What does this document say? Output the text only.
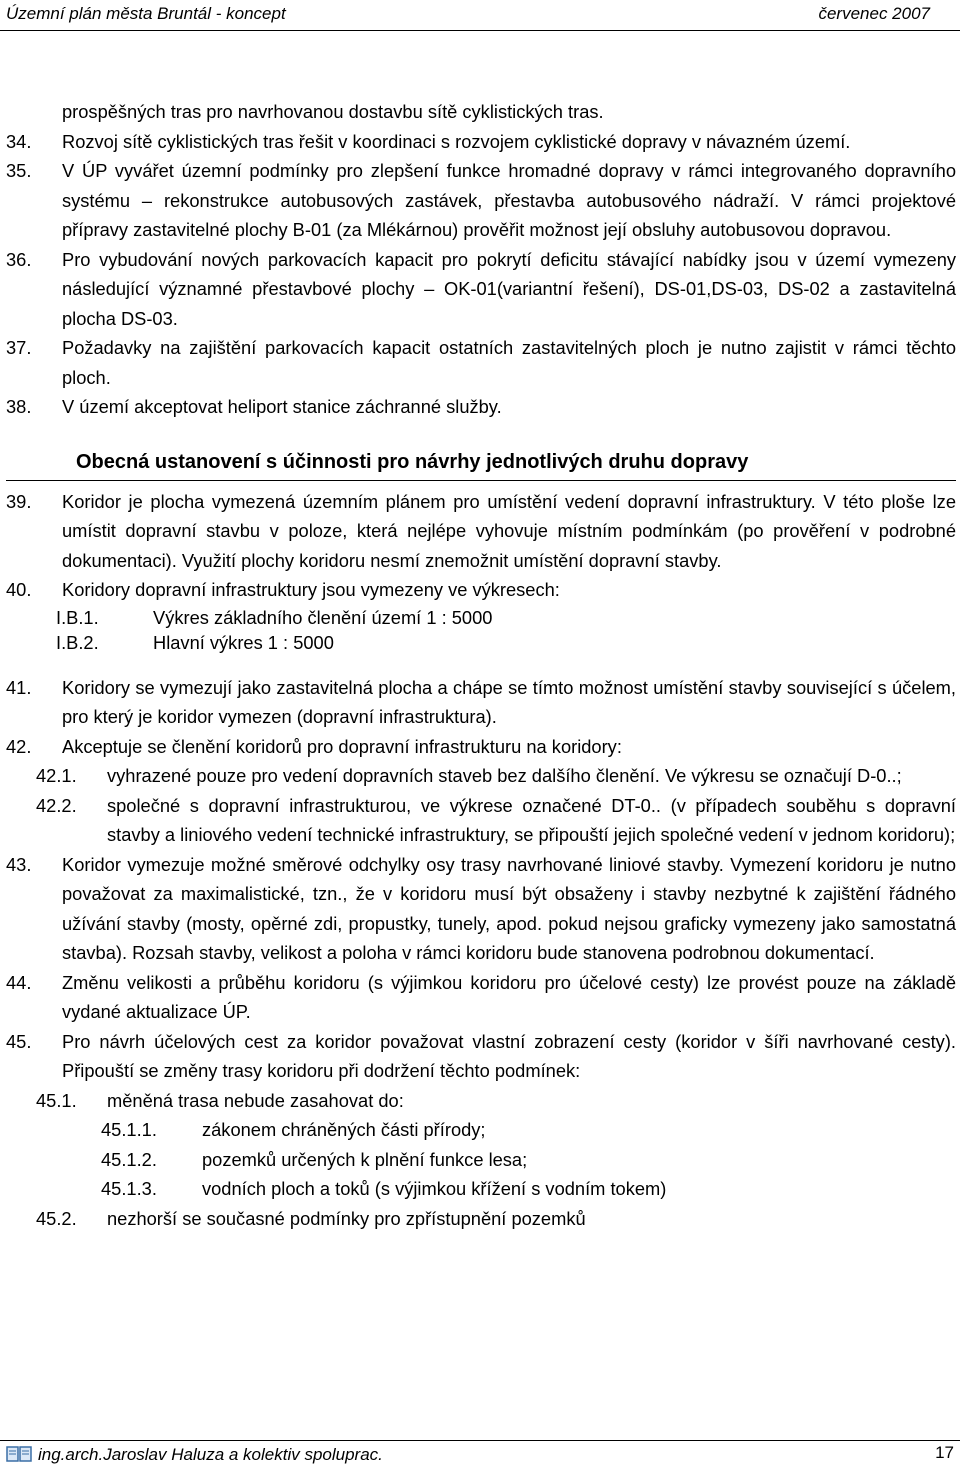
Územní plán města Bruntál - koncept	červenec 2007
prospěšných tras pro navrhovanou dostavbu sítě cyklistických tras.
34.	Rozvoj sítě cyklistických tras řešit v koordinaci s rozvojem cyklistické dopravy v návazném území.
35.	V ÚP vyvářet územní podmínky pro zlepšení funkce hromadné dopravy v rámci integrovaného dopravního systému – rekonstrukce autobusových zastávek, přestavba autobusového nádraží. V rámci projektové přípravy zastavitelné plochy B-01 (za Mlékárnou) prověřit možnost její obsluhy autobusovou dopravou.
36.	Pro vybudování nových parkovacích kapacit pro pokrytí deficitu stávající nabídky jsou v území vymezeny následující významné přestavbové plochy – OK-01(variantní řešení), DS-01,DS-03, DS-02 a zastavitelná plocha DS-03.
37.	Požadavky na zajištění parkovacích kapacit ostatních zastavitelných ploch je nutno zajistit v rámci těchto ploch.
38.	V území akceptovat heliport stanice záchranné služby.
Obecná ustanovení s účinnosti pro návrhy jednotlivých druhu dopravy
39.	Koridor je plocha vymezená územním plánem pro umístění vedení dopravní infrastruktury. V této ploše lze umístit dopravní stavbu v poloze, která nejlépe vyhovuje místním podmínkám (po prověření v podrobné dokumentaci). Využití plochy koridoru nesmí znemožnit umístění dopravní stavby.
40.	Koridory dopravní infrastruktury jsou vymezeny ve výkresech:
I.B.1.	Výkres základního členění území 1 : 5000
I.B.2.	Hlavní výkres 1 : 5000
41.	Koridory se vymezují jako zastavitelná plocha a chápe se tímto možnost umístění stavby související s účelem, pro který je koridor vymezen (dopravní infrastruktura).
42.	Akceptuje se členění koridorů pro dopravní infrastrukturu na koridory:
42.1.	vyhrazené pouze pro vedení dopravních staveb bez dalšího členění. Ve výkresu se označují D-0..;
42.2.	společné s dopravní infrastrukturou, ve výkrese označené DT-0.. (v případech souběhu s dopravní stavby a liniového vedení technické infrastruktury, se připouští jejich společné vedení v jednom koridoru);
43.	Koridor vymezuje možné směrové odchylky osy trasy navrhované liniové stavby. Vymezení koridoru je nutno považovat za maximalistické, tzn., že v koridoru musí být obsaženy i stavby nezbytné k zajištění řádného užívání stavby (mosty, opěrné zdi, propustky, tunely, apod. pokud nejsou graficky vymezeny jako samostatná stavba). Rozsah stavby, velikost a poloha v rámci koridoru bude stanovena podrobnou dokumentací.
44.	Změnu velikosti a průběhu koridoru (s výjimkou koridoru pro účelové cesty) lze provést pouze na základě vydané aktualizace ÚP.
45.	Pro návrh účelových cest za koridor považovat vlastní zobrazení cesty (koridor v šíři navrhované cesty). Připouští se změny trasy koridoru při dodržení těchto podmínek:
45.1.	měněná trasa nebude zasahovat do:
45.1.1.	zákonem chráněných části přírody;
45.1.2.	pozemků určených k plnění funkce lesa;
45.1.3.	vodních ploch a toků (s výjimkou křížení s vodním tokem)
45.2.	nezhorší se současné podmínky pro zpřístupnění pozemků
ing.arch.Jaroslav Haluza a kolektiv spoluprac.	17
